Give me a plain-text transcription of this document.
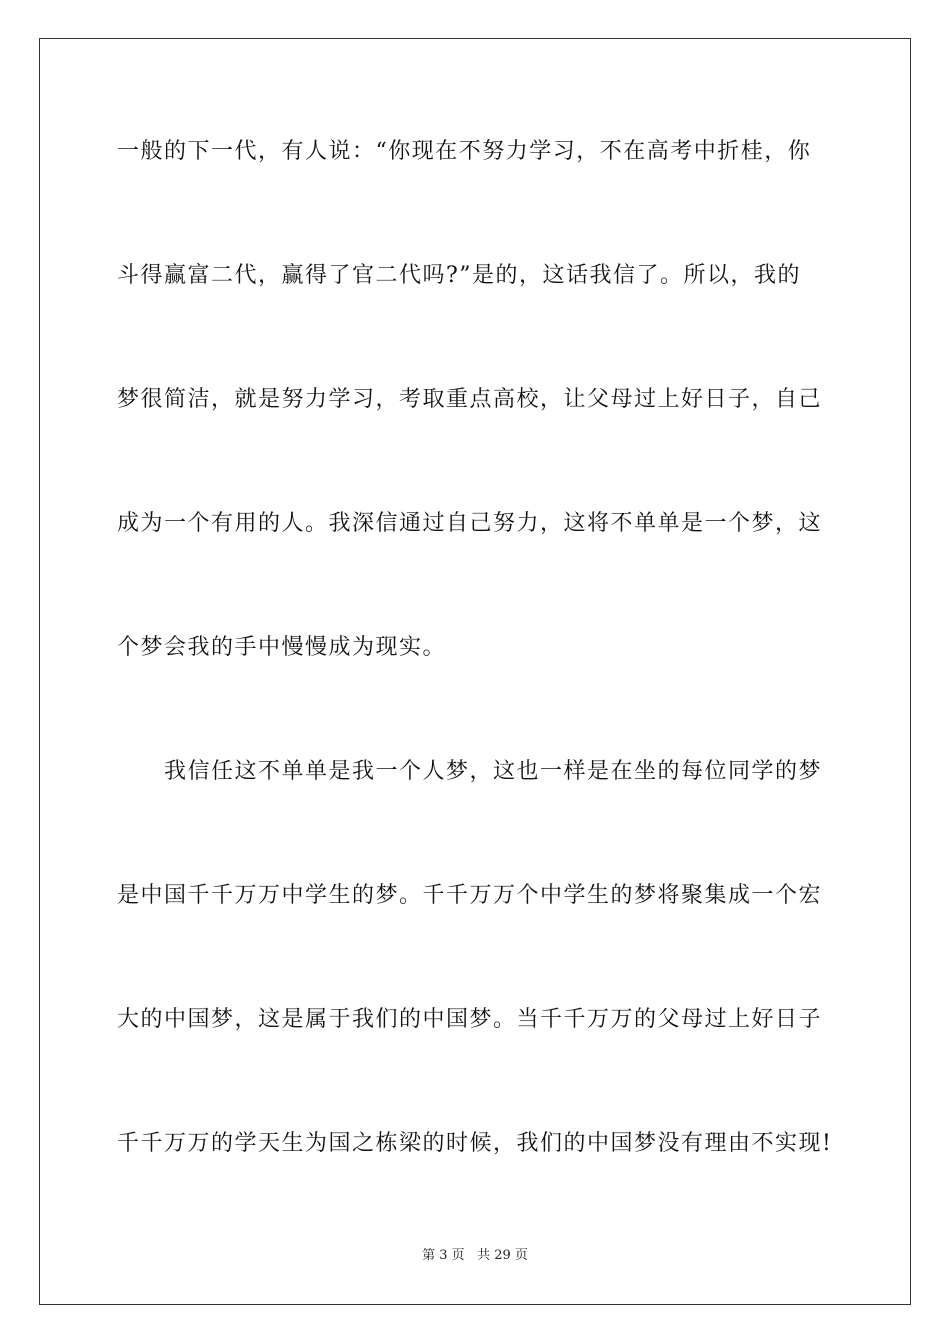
一般的下一代，有人说：“你现在不努力学习，不在高考中折桂，你
斗得赢富二代，赢得了官二代吗?”是的，这话我信了。所以，我的
梦很简洁，就是努力学习，考取重点高校，让父母过上好日子，自己
成为一个有用的人。我深信通过自己努力，这将不单单是一个梦，这
个梦会我的手中慢慢成为现实。
我信任这不单单是我一个人梦，这也一样是在坐的每位同学的梦
是中国千千万万中学生的梦。千千万万个中学生的梦将聚集成一个宏
大的中国梦，这是属于我们的中国梦。当千千万万的父母过上好日子
千千万万的学天生为国之栋梁的时候，我们的中国梦没有理由不实现!
第 3 页 共 29 页
